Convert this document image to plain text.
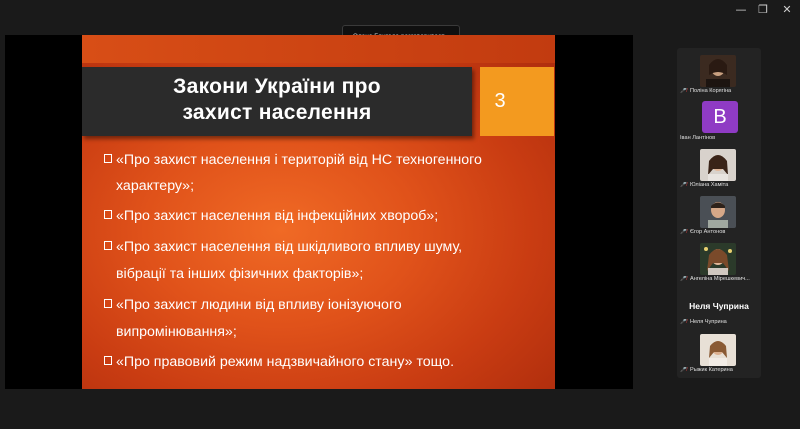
—	❐	✕
Закони України про
захист населення	3
«Про захист населення і територій від НС техногенного
характеру»;
«Про захист населення від інфекційних хвороб»;
«Про захист населення від шкідливого впливу шуму,
вібрації та інших фізичних факторів»;
«Про захист людини від впливу іонізуючого
випромінювання»;
«Про правовий режим надзвичайного стану» тощо.
🎤̸ Поліна Корягіна
B
Іван Лантінов
🎤̸ Юліана Хаміта
🎤̸ Єгор Антонов
🎤̸ Ангеліна Мірешкевич...
Неля Чуприна
🎤̸ Неля Чуприна
🎤̸ Рыжик Катерина
